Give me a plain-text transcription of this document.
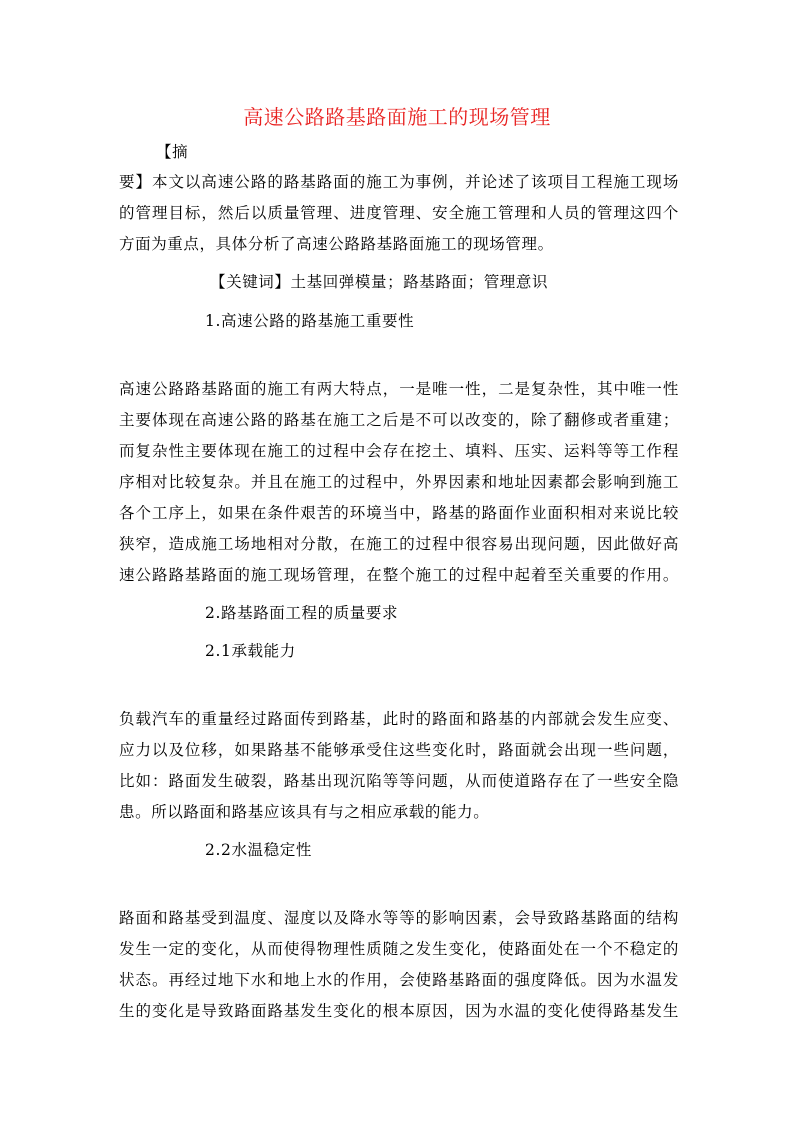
高速公路路基路面施工的现场管理
【摘
要】本文以高速公路的路基路面的施工为事例，并论述了该项目工程施工现场
的管理目标，然后以质量管理、进度管理、安全施工管理和人员的管理这四个
方面为重点，具体分析了高速公路路基路面施工的现场管理。
【关键词】土基回弹模量；路基路面；管理意识
1.高速公路的路基施工重要性
高速公路路基路面的施工有两大特点，一是唯一性，二是复杂性，其中唯一性
主要体现在高速公路的路基在施工之后是不可以改变的，除了翻修或者重建；
而复杂性主要体现在施工的过程中会存在挖土、填料、压实、运料等等工作程
序相对比较复杂。并且在施工的过程中，外界因素和地址因素都会影响到施工
各个工序上，如果在条件艰苦的环境当中，路基的路面作业面积相对来说比较
狭窄，造成施工场地相对分散，在施工的过程中很容易出现问题，因此做好高
速公路路基路面的施工现场管理，在整个施工的过程中起着至关重要的作用。
2.路基路面工程的质量要求
2.1承载能力
负载汽车的重量经过路面传到路基，此时的路面和路基的内部就会发生应变、
应力以及位移，如果路基不能够承受住这些变化时，路面就会出现一些问题，
比如：路面发生破裂，路基出现沉陷等等问题，从而使道路存在了一些安全隐
患。所以路面和路基应该具有与之相应承载的能力。
2.2水温稳定性
路面和路基受到温度、湿度以及降水等等的影响因素，会导致路基路面的结构
发生一定的变化，从而使得物理性质随之发生变化，使路面处在一个不稳定的
状态。再经过地下水和地上水的作用，会使路基路面的强度降低。因为水温发
生的变化是导致路面路基发生变化的根本原因，因为水温的变化使得路基发生
